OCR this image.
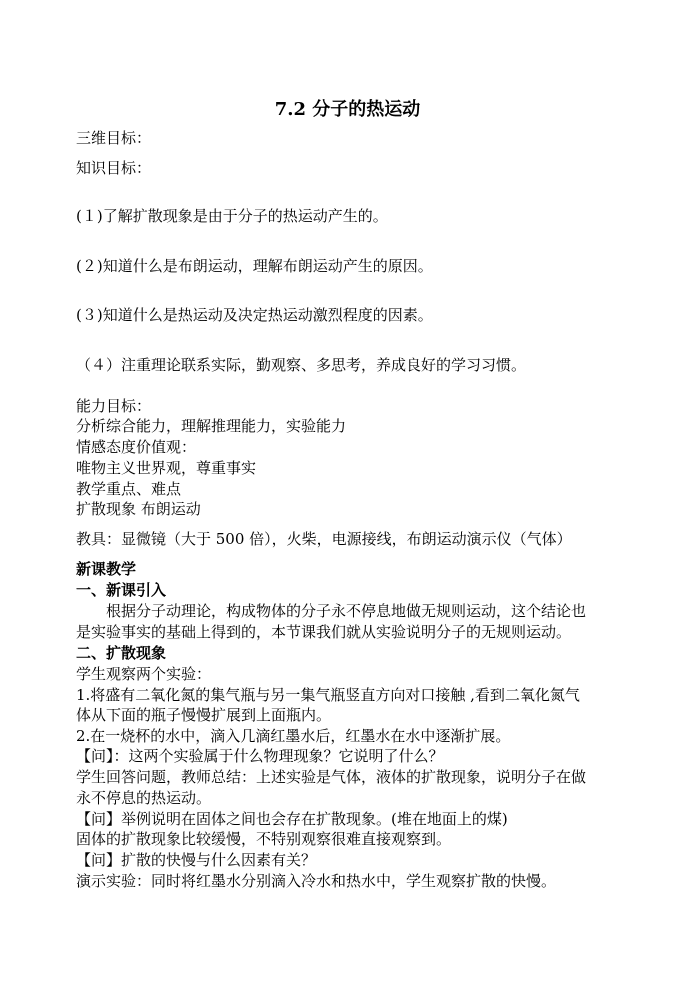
7.2 分子的热运动
三维目标：
知识目标：
(１)了解扩散现象是由于分子的热运动产生的。
(２)知道什么是布朗运动，理解布朗运动产生的原因。
(３)知道什么是热运动及决定热运动激烈程度的因素。
（４）注重理论联系实际，勤观察、多思考，养成良好的学习习惯。
能力目标：
分析综合能力，理解推理能力，实验能力
情感态度价值观：
唯物主义世界观，尊重事实
教学重点、难点
扩散现象 布朗运动
教具：显微镜（大于 500 倍），火柴，电源接线，布朗运动演示仪（气体）
新课教学
一、新课引入
根据分子动理论，构成物体的分子永不停息地做无规则运动，这个结论也
是实验事实的基础上得到的，本节课我们就从实验说明分子的无规则运动。
二、扩散现象
学生观察两个实验：
1.将盛有二氧化氮的集气瓶与另一集气瓶竖直方向对口接触 ,看到二氧化氮气
体从下面的瓶子慢慢扩展到上面瓶内。
2.在一烧杯的水中，滴入几滴红墨水后，红墨水在水中逐渐扩展。
【问】：这两个实验属于什么物理现象？它说明了什么？
学生回答问题，教师总结：上述实验是气体，液体的扩散现象，说明分子在做
永不停息的热运动。
【问】举例说明在固体之间也会存在扩散现象。(堆在地面上的煤)
固体的扩散现象比较缓慢，不特别观察很难直接观察到。
【问】扩散的快慢与什么因素有关？
演示实验：同时将红墨水分别滴入冷水和热水中，学生观察扩散的快慢。
